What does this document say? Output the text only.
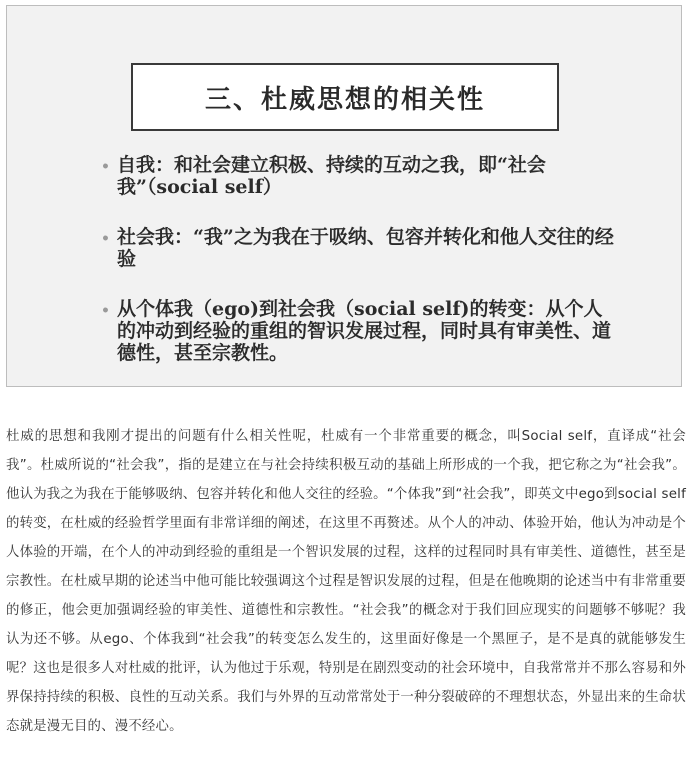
三、杜威思想的相关性
• 自我：和社会建立积极、持续的互动之我，即“社会我”（social self）
• 社会我：“我”之为我在于吸纳、包容并转化和他人交往的经验
• 从个体我（ego)到社会我（social self)的转变：从个人的冲动到经验的重组的智识发展过程，同时具有审美性、道德性，甚至宗教性。
杜威的思想和我刚才提出的问题有什么相关性呢，杜威有一个非常重要的概念，叫Social self，直译成“社会我”。杜威所说的“社会我”，指的是建立在与社会持续积极互动的基础上所形成的一个我，把它称之为“社会我”。他认为我之为我在于能够吸纳、包容并转化和他人交往的经验。“个体我”到“社会我”，即英文中ego到social self的转变，在杜威的经验哲学里面有非常详细的阐述，在这里不再赘述。从个人的冲动、体验开始，他认为冲动是个人体验的开端，在个人的冲动到经验的重组是一个智识发展的过程，这样的过程同时具有审美性、道德性，甚至是宗教性。在杜威早期的论述当中他可能比较强调这个过程是智识发展的过程，但是在他晚期的论述当中有非常重要的修正，他会更加强调经验的审美性、道德性和宗教性。“社会我”的概念对于我们回应现实的问题够不够呢？我认为还不够。从ego、个体我到“社会我”的转变怎么发生的，这里面好像是一个黑匣子，是不是真的就能够发生呢？这也是很多人对杜威的批评，认为他过于乐观，特别是在剧烈变动的社会环境中，自我常常并不那么容易和外界保持持续的积极、良性的互动关系。我们与外界的互动常常处于一种分裂破碎的不理想状态，外显出来的生命状态就是漫无目的、漫不经心。
